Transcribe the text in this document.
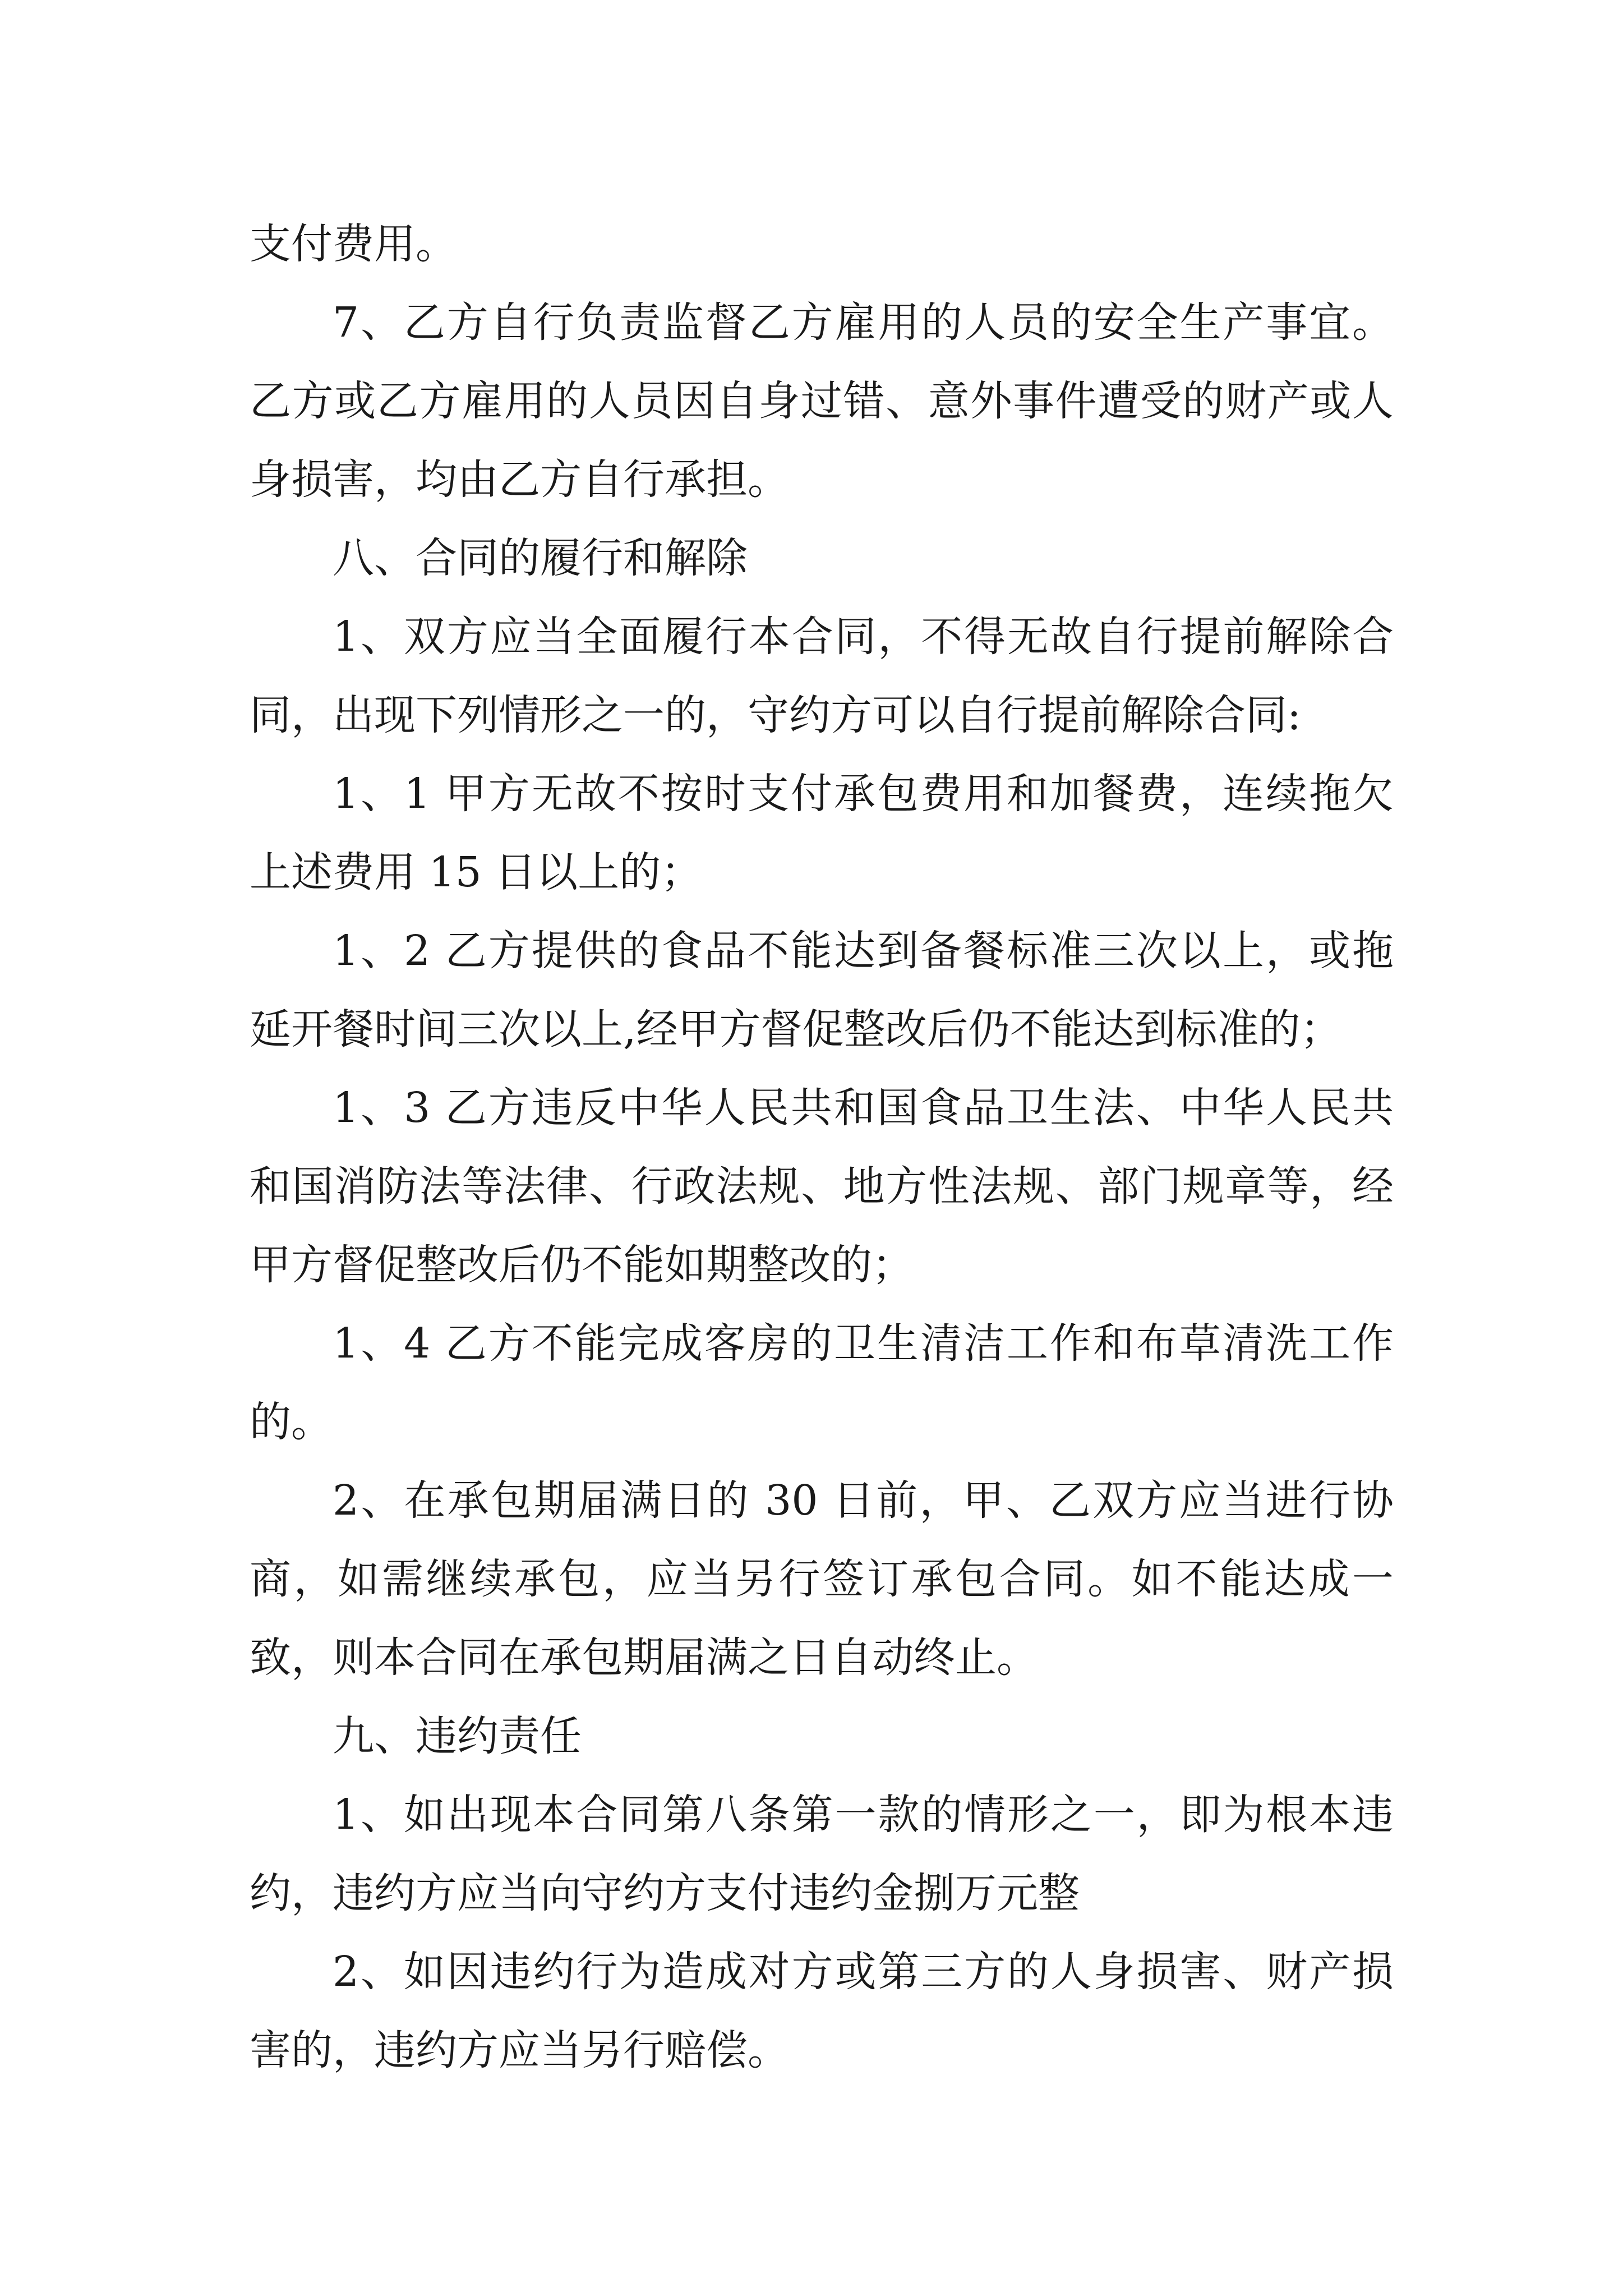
支付费用。

7、乙方自行负责监督乙方雇用的人员的安全生产事宜。乙方或乙方雇用的人员因自身过错、意外事件遭受的财产或人身损害，均由乙方自行承担。

八、合同的履行和解除

1、双方应当全面履行本合同，不得无故自行提前解除合同，出现下列情形之一的，守约方可以自行提前解除合同:

1、1 甲方无故不按时支付承包费用和加餐费，连续拖欠上述费用 15 日以上的；

1、2 乙方提供的食品不能达到备餐标准三次以上，或拖延开餐时间三次以上,经甲方督促整改后仍不能达到标准的；

1、3 乙方违反中华人民共和国食品卫生法、中华人民共和国消防法等法律、行政法规、地方性法规、部门规章等，经甲方督促整改后仍不能如期整改的；

1、4 乙方不能完成客房的卫生清洁工作和布草清洗工作的。

2、在承包期届满日的 30 日前，甲、乙双方应当进行协商，如需继续承包，应当另行签订承包合同。如不能达成一致，则本合同在承包期届满之日自动终止。

九、违约责任

1、如出现本合同第八条第一款的情形之一，即为根本违约，违约方应当向守约方支付违约金捌万元整

2、如因违约行为造成对方或第三方的人身损害、财产损害的，违约方应当另行赔偿。
